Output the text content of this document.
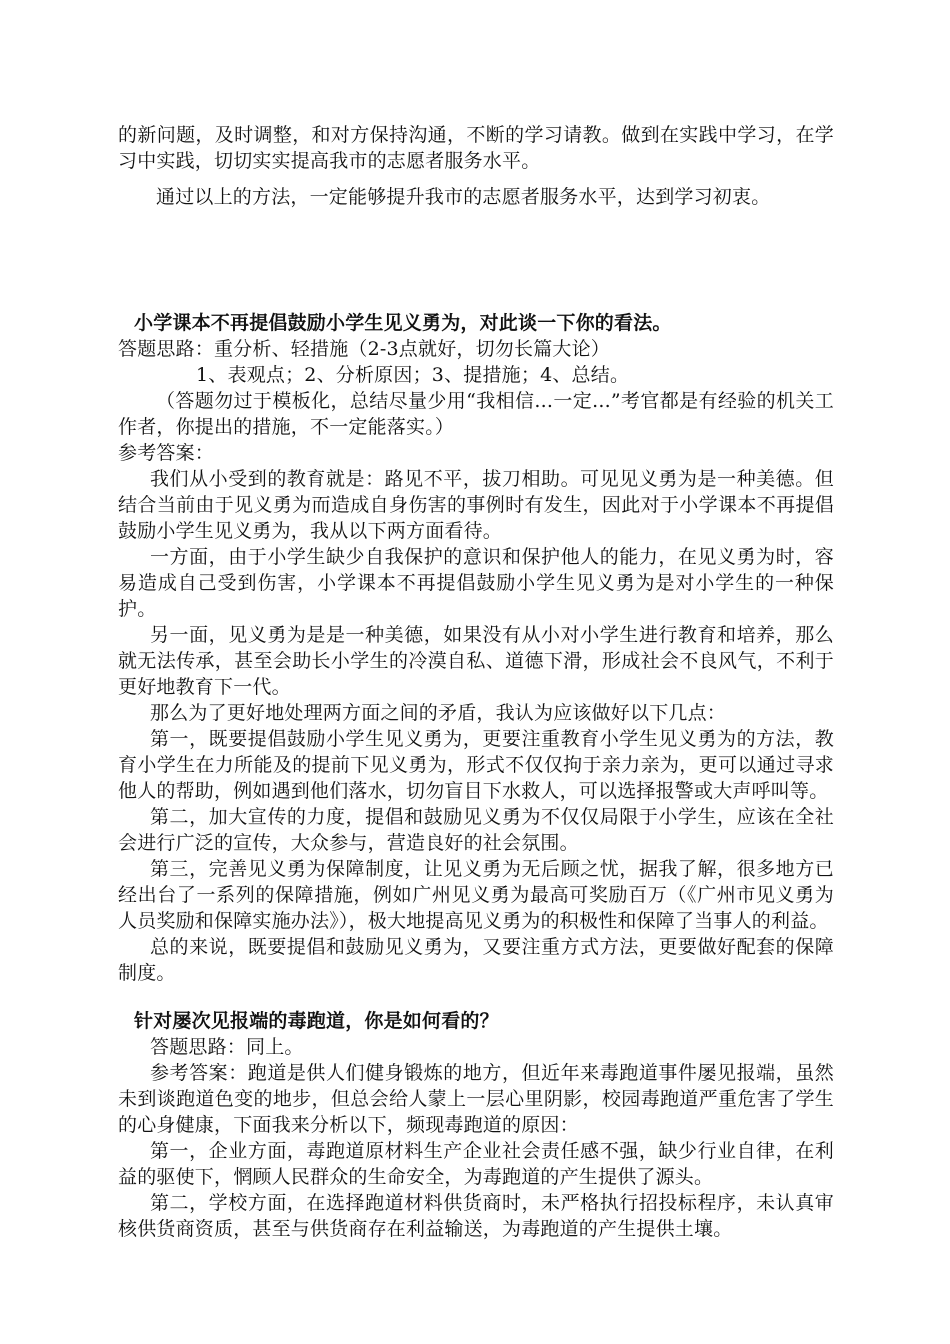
的新问题，及时调整，和对方保持沟通，不断的学习请教。做到在实践中学习，在学习中实践，切切实实提高我市的志愿者服务水平。

通过以上的方法，一定能够提升我市的志愿者服务水平，达到学习初衷。

小学课本不再提倡鼓励小学生见义勇为，对此谈一下你的看法。

答题思路：重分析、轻措施（2-3点就好，切勿长篇大论）

1、表观点；2、分析原因；3、提措施；4、总结。

（答题勿过于模板化，总结尽量少用“我相信...一定...”考官都是有经验的机关工作者，你提出的措施，不一定能落实。）

参考答案：

我们从小受到的教育就是：路见不平，拔刀相助。可见见义勇为是一种美德。但结合当前由于见义勇为而造成自身伤害的事例时有发生，因此对于小学课本不再提倡鼓励小学生见义勇为，我从以下两方面看待。

一方面，由于小学生缺少自我保护的意识和保护他人的能力，在见义勇为时，容易造成自己受到伤害，小学课本不再提倡鼓励小学生见义勇为是对小学生的一种保护。

另一面，见义勇为是是一种美德，如果没有从小对小学生进行教育和培养，那么就无法传承，甚至会助长小学生的冷漠自私、道德下滑，形成社会不良风气，不利于更好地教育下一代。

那么为了更好地处理两方面之间的矛盾，我认为应该做好以下几点：

第一，既要提倡鼓励小学生见义勇为，更要注重教育小学生见义勇为的方法，教育小学生在力所能及的提前下见义勇为，形式不仅仅拘于亲力亲为，更可以通过寻求他人的帮助，例如遇到他们落水，切勿盲目下水救人，可以选择报警或大声呼叫等。

第二，加大宣传的力度，提倡和鼓励见义勇为不仅仅局限于小学生，应该在全社会进行广泛的宣传，大众参与，营造良好的社会氛围。

第三，完善见义勇为保障制度，让见义勇为无后顾之忧，据我了解，很多地方已经出台了一系列的保障措施，例如广州见义勇为最高可奖励百万（《广州市见义勇为人员奖励和保障实施办法》），极大地提高见义勇为的积极性和保障了当事人的利益。

总的来说，既要提倡和鼓励见义勇为，又要注重方式方法，更要做好配套的保障制度。

针对屡次见报端的毒跑道，你是如何看的？

答题思路：同上。

参考答案：跑道是供人们健身锻炼的地方，但近年来毒跑道事件屡见报端，虽然未到谈跑道色变的地步，但总会给人蒙上一层心里阴影，校园毒跑道严重危害了学生的心身健康，下面我来分析以下，频现毒跑道的原因：

第一，企业方面，毒跑道原材料生产企业社会责任感不强，缺少行业自律，在利益的驱使下，惘顾人民群众的生命安全，为毒跑道的产生提供了源头。

第二，学校方面，在选择跑道材料供货商时，未严格执行招投标程序，未认真审核供货商资质，甚至与供货商存在利益输送，为毒跑道的产生提供土壤。
